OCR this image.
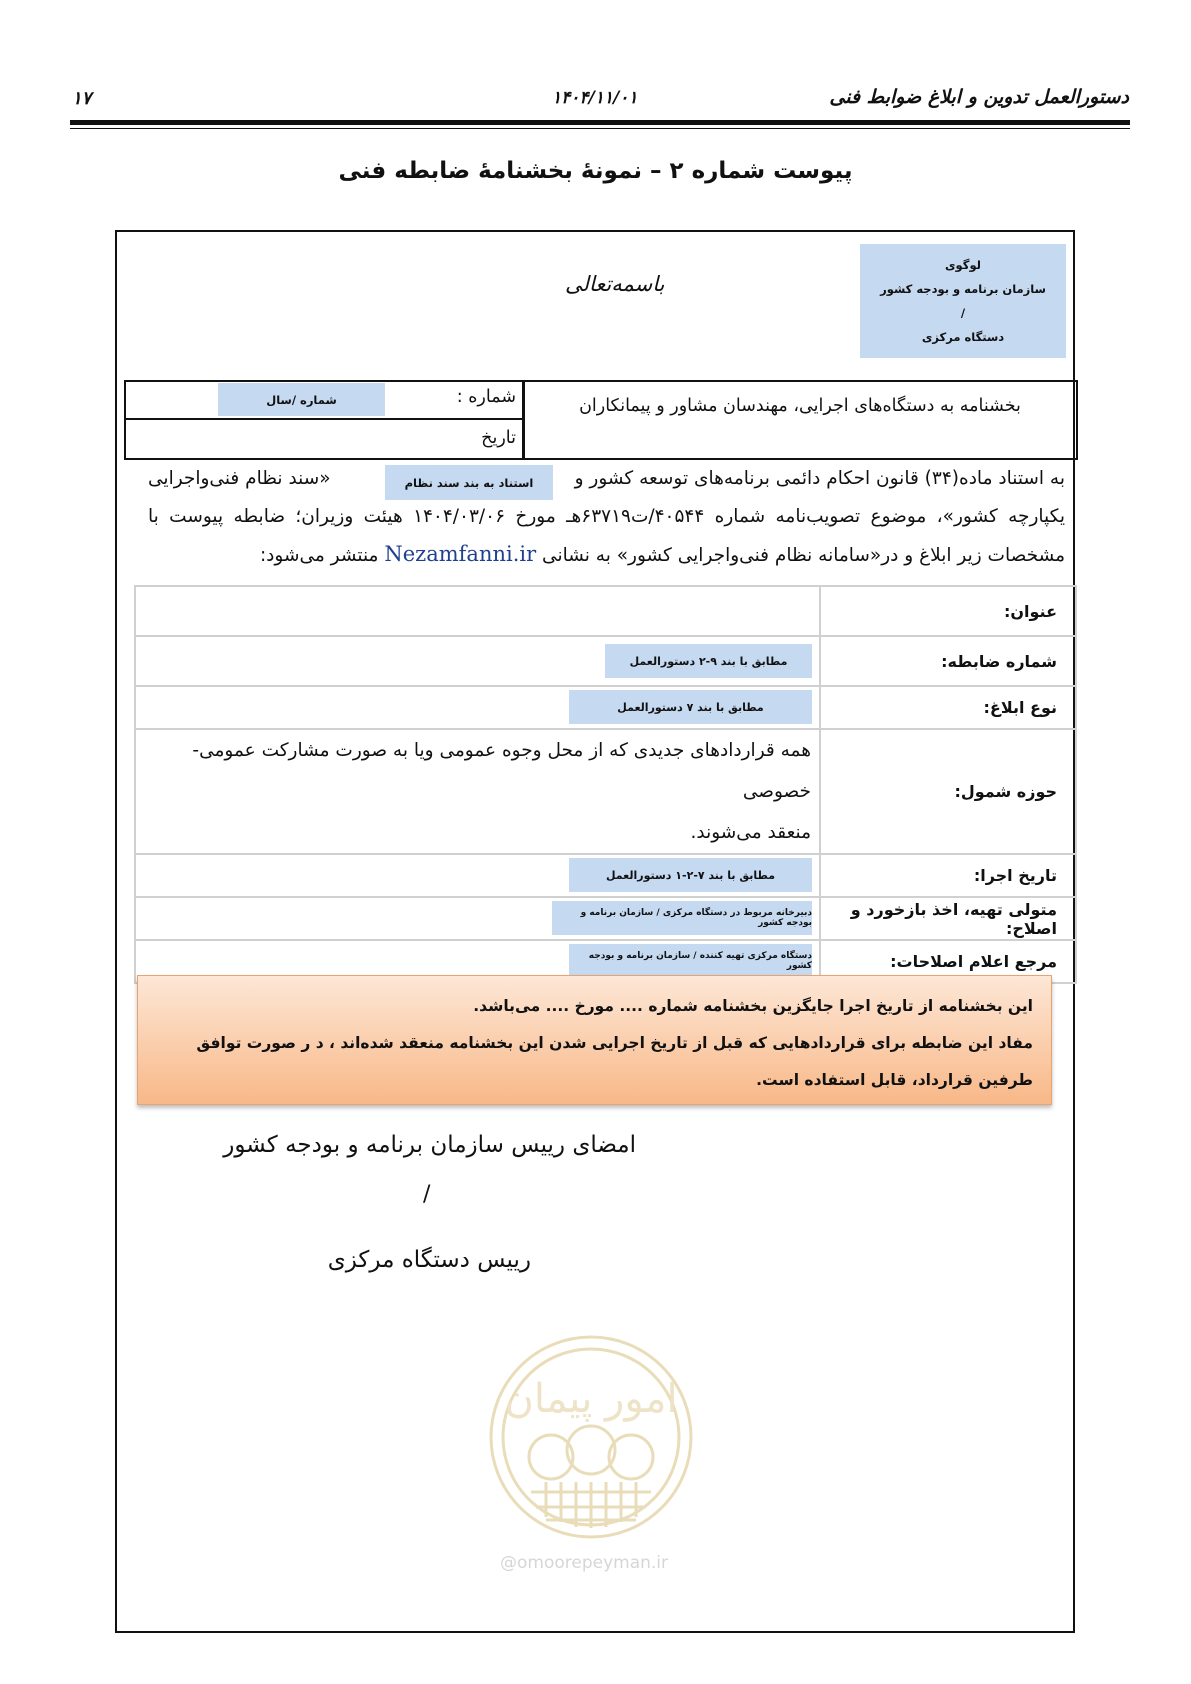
دستورالعمل تدوین و ابلاغ ضوابط فنی
۱۴۰۴/۱۱/۰۱
۱۷
پیوست شماره ۲ – نمونهٔ بخشنامهٔ ضابطه فنی
لوگوی
سازمان برنامه و بودجه کشور
/
دستگاه مرکزی
باسمه‌تعالی
بخشنامه به دستگاه‌های اجرایی، مهندسان مشاور و پیمانکاران
شماره :
شماره /سال
تاریخ
به استناد ماده(۳۴) قانون احکام دائمی برنامه‌های توسعه کشور و
استناد به بند سند نظام
«سند نظام فنی‌واجرایی
یکپارچه کشور»، موضوع تصویب‌نامه شماره ۴۰۵۴۴/ت۶۳۷۱۹هـ مورخ ۱۴۰۴/۰۳/۰۶ هیئت وزیران؛ ضابطه پیوست با
مشخصات زیر ابلاغ و در«سامانه نظام فنی‌واجرایی کشور» به نشانی Nezamfanni.ir منتشر می‌شود:
عنوان:	
شماره ضابطه:	مطابق با بند ۹-۲ دستورالعمل

نوع ابلاغ:	مطابق با بند ۷ دستورالعمل

حوزه شمول:	همه قراردادهای جدیدی که از محل وجوه عمومی ویا به صورت مشارکت عمومی-خصوصی
منعقد می‌شوند.

تاریخ اجرا:	مطابق با بند ۷-۲-۱ دستورالعمل

متولی تهیه، اخذ بازخورد و اصلاح:	دبیرخانه مربوط در دستگاه مرکزی / سازمان برنامه و بودجه کشور

مرجع اعلام اصلاحات:	دستگاه مرکزی تهیه کننده / سازمان برنامه و بودجه کشور
این بخشنامه از تاریخ اجرا جایگزین بخشنامه شماره .... مورخ .... می‌باشد.
مفاد این ضابطه برای قراردادهایی که قبل از تاریخ اجرایی شدن این بخشنامه منعقد شده‌اند ، د ر صورت توافق
طرفین قرارداد، قابل استفاده است.
امضای رییس سازمان برنامه و بودجه کشور
/
رییس دستگاه مرکزی
امور پیمان
@omoorepeyman.ir
